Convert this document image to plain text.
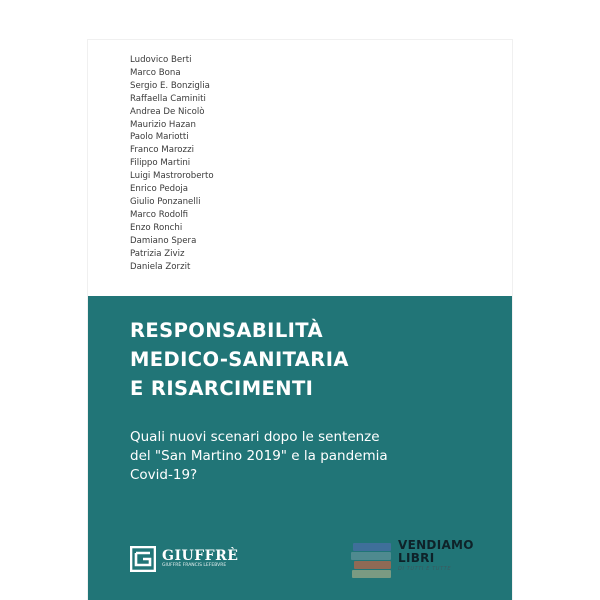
Ludovico Berti
Marco Bona
Sergio E. Bonziglia
Raffaella Caminiti
Andrea De Nicolò
Maurizio Hazan
Paolo Mariotti
Franco Marozzi
Filippo Martini
Luigi Mastroroberto
Enrico Pedoja
Giulio Ponzanelli
Marco Rodolfi
Enzo Ronchi
Damiano Spera
Patrizia Ziviz
Daniela Zorzit
RESPONSABILITÀ
MEDICO-SANITARIA
E RISARCIMENTI
Quali nuovi scenari dopo le sentenze
del "San Martino 2019" e la pandemia
Covid-19?
GIUFFRÈ
GIUFFRÈ FRANCIS LEFEBVRE
VENDIAMO
LIBRI
DI TUTTI E TUTTE
